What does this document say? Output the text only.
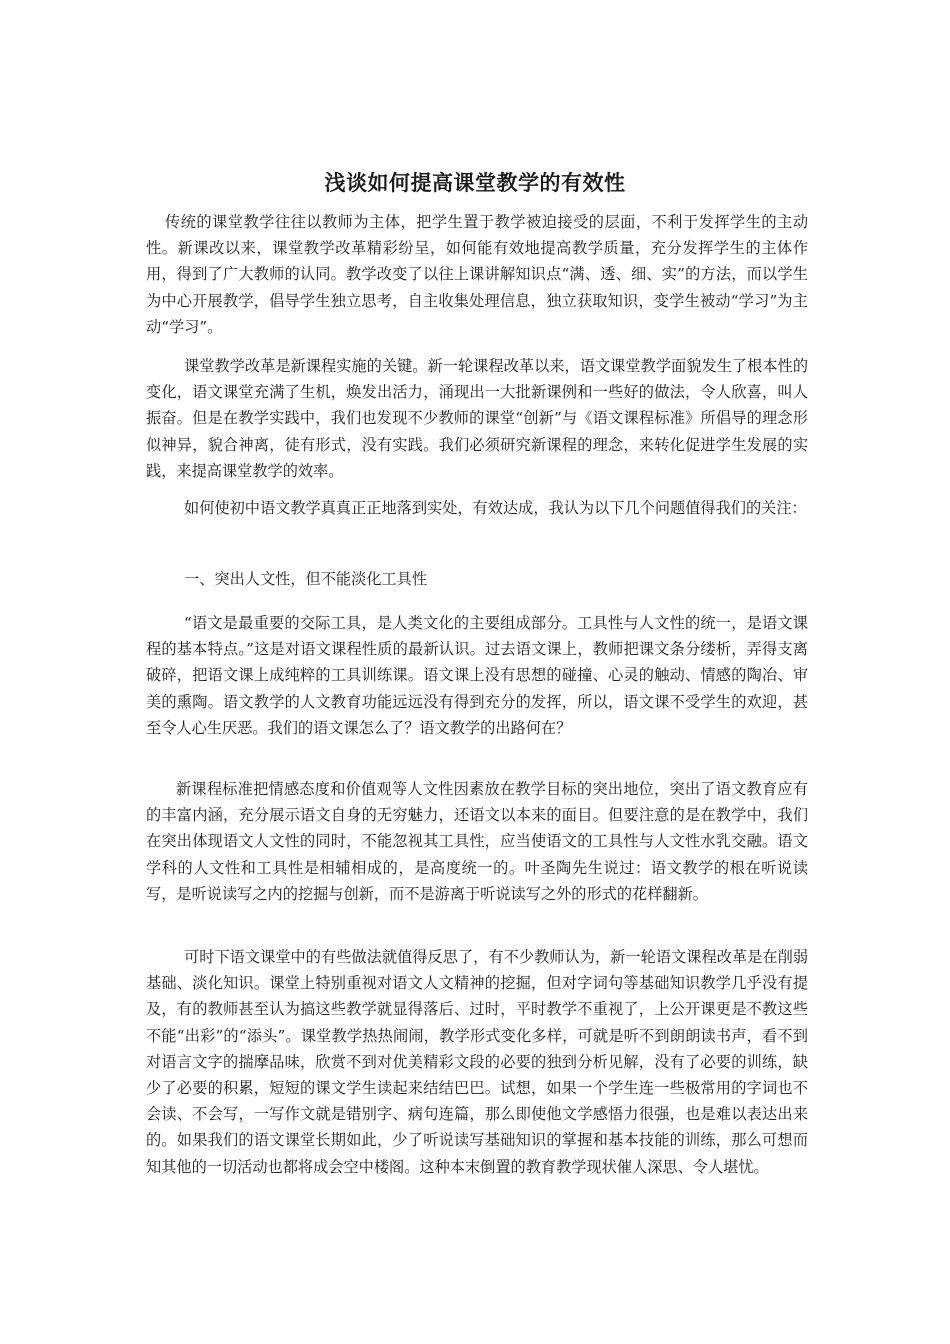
浅谈如何提高课堂教学的有效性

传统的课堂教学往往以教师为主体，把学生置于教学被迫接受的层面，不利于发挥学生的主动性。新课改以来，课堂教学改革精彩纷呈，如何能有效地提高教学质量，充分发挥学生的主体作用，得到了广大教师的认同。教学改变了以往上课讲解知识点“满、透、细、实”的方法，而以学生为中心开展教学，倡导学生独立思考，自主收集处理信息，独立获取知识，变学生被动“学习”为主动“学习”。

课堂教学改革是新课程实施的关键。新一轮课程改革以来，语文课堂教学面貌发生了根本性的变化，语文课堂充满了生机，焕发出活力，涌现出一大批新课例和一些好的做法，令人欣喜，叫人振奋。但是在教学实践中，我们也发现不少教师的课堂“创新”与《语文课程标准》所倡导的理念形似神异，貌合神离，徒有形式，没有实践。我们必须研究新课程的理念，来转化促进学生发展的实践，来提高课堂教学的效率。

如何使初中语文教学真真正正地落到实处，有效达成，我认为以下几个问题值得我们的关注：

一、突出人文性，但不能淡化工具性

“语文是最重要的交际工具，是人类文化的主要组成部分。工具性与人文性的统一，是语文课程的基本特点。”这是对语文课程性质的最新认识。过去语文课上，教师把课文条分缕析，弄得支离破碎，把语文课上成纯粹的工具训练课。语文课上没有思想的碰撞、心灵的触动、情感的陶冶、审美的熏陶。语文教学的人文教育功能远远没有得到充分的发挥，所以，语文课不受学生的欢迎，甚至令人心生厌恶。我们的语文课怎么了？语文教学的出路何在？

新课程标准把情感态度和价值观等人文性因素放在教学目标的突出地位，突出了语文教育应有的丰富内涵，充分展示语文自身的无穷魅力，还语文以本来的面目。但要注意的是在教学中，我们在突出体现语文人文性的同时，不能忽视其工具性，应当使语文的工具性与人文性水乳交融。语文学科的人文性和工具性是相辅相成的，是高度统一的。叶圣陶先生说过：语文教学的根在听说读写，是听说读写之内的挖掘与创新，而不是游离于听说读写之外的形式的花样翻新。

可时下语文课堂中的有些做法就值得反思了，有不少教师认为，新一轮语文课程改革是在削弱基础、淡化知识。课堂上特别重视对语文人文精神的挖掘，但对字词句等基础知识教学几乎没有提及，有的教师甚至认为搞这些教学就显得落后、过时，平时教学不重视了，上公开课更是不教这些不能“出彩”的“添头”。课堂教学热热闹闹，教学形式变化多样，可就是听不到朗朗读书声，看不到对语言文字的揣摩品味，欣赏不到对优美精彩文段的必要的独到分析见解，没有了必要的训练，缺少了必要的积累，短短的课文学生读起来结结巴巴。试想，如果一个学生连一些极常用的字词也不会读、不会写，一写作文就是错别字、病句连篇，那么即使他文学感悟力很强，也是难以表达出来的。如果我们的语文课堂长期如此，少了听说读写基础知识的掌握和基本技能的训练，那么可想而知其他的一切活动也都将成会空中楼阁。这种本末倒置的教育教学现状催人深思、令人堪忧。
